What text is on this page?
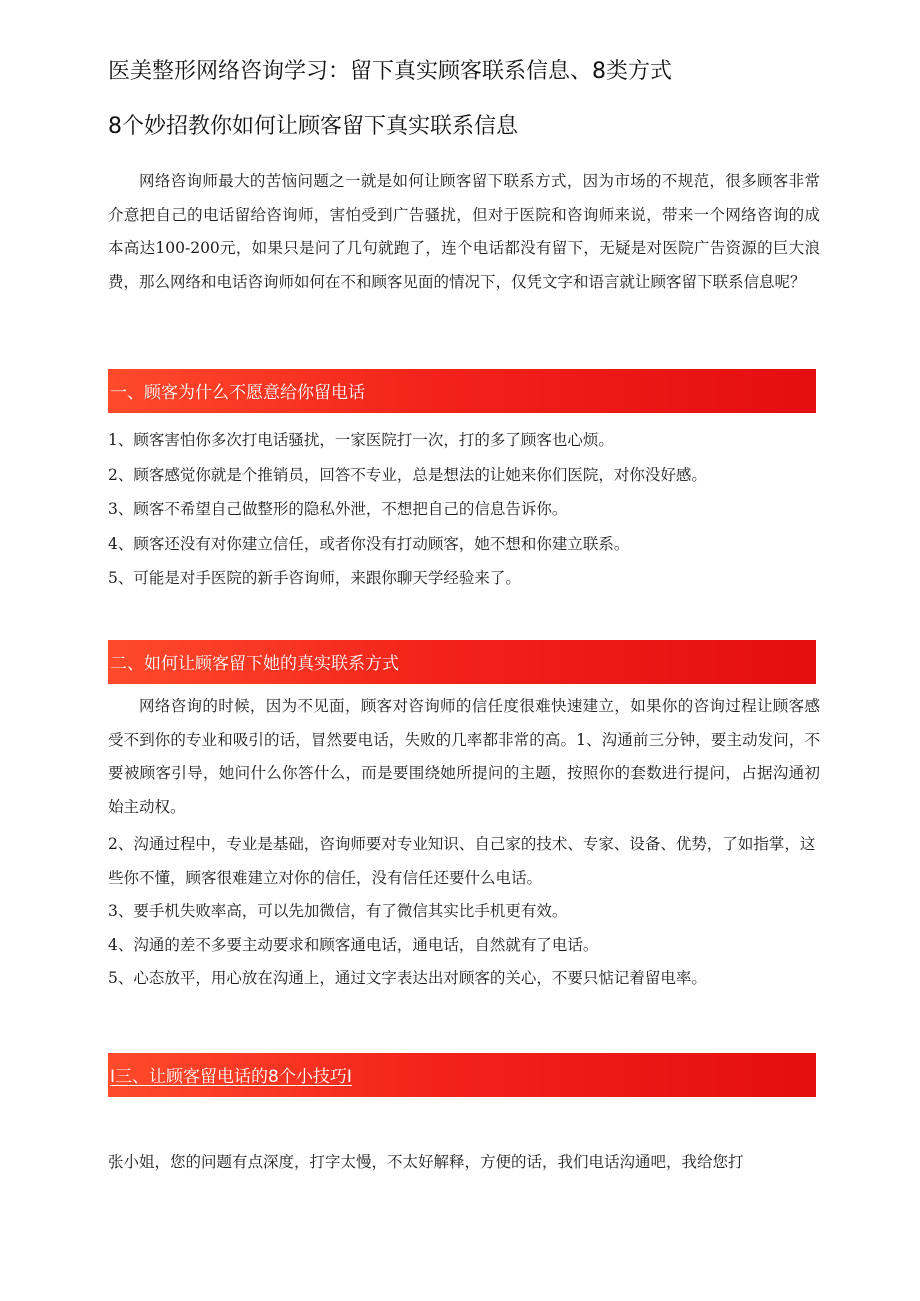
医美整形网络咨询学习：留下真实顾客联系信息、8类方式
8个妙招教你如何让顾客留下真实联系信息

网络咨询师最大的苦恼问题之一就是如何让顾客留下联系方式，因为市场的不规范，很多顾客非常介意把自己的电话留给咨询师，害怕受到广告骚扰，但对于医院和咨询师来说，带来一个网络咨询的成本高达100-200元，如果只是问了几句就跑了，连个电话都没有留下，无疑是对医院广告资源的巨大浪费，那么网络和电话咨询师如何在不和顾客见面的情况下，仅凭文字和语言就让顾客留下联系信息呢？

一、顾客为什么不愿意给你留电话
1、顾客害怕你多次打电话骚扰，一家医院打一次，打的多了顾客也心烦。
2、顾客感觉你就是个推销员，回答不专业，总是想法的让她来你们医院，对你没好感。
3、顾客不希望自己做整形的隐私外泄，不想把自己的信息告诉你。
4、顾客还没有对你建立信任，或者你没有打动顾客，她不想和你建立联系。
5、可能是对手医院的新手咨询师，来跟你聊天学经验来了。
二、如何让顾客留下她的真实联系方式

网络咨询的时候，因为不见面，顾客对咨询师的信任度很难快速建立，如果你的咨询过程让顾客感受不到你的专业和吸引的话，冒然要电话，失败的几率都非常的高。1、沟通前三分钟，要主动发问，不要被顾客引导，她问什么你答什么，而是要围绕她所提问的主题，按照你的套数进行提问，占据沟通初始主动权。

2、沟通过程中，专业是基础，咨询师要对专业知识、自己家的技术、专家、设备、优势，了如指掌，这些你不懂，顾客很难建立对你的信任，没有信任还要什么电话。
3、要手机失败率高，可以先加微信，有了微信其实比手机更有效。
4、沟通的差不多要主动要求和顾客通电话，通电话，自然就有了电话。
5、心态放平，用心放在沟通上，通过文字表达出对顾客的关心，不要只惦记着留电率。
I三、让顾客留电话的8个小技巧I

张小姐，您的问题有点深度，打字太慢，不太好解释，方便的话，我们电话沟通吧，我给您打
